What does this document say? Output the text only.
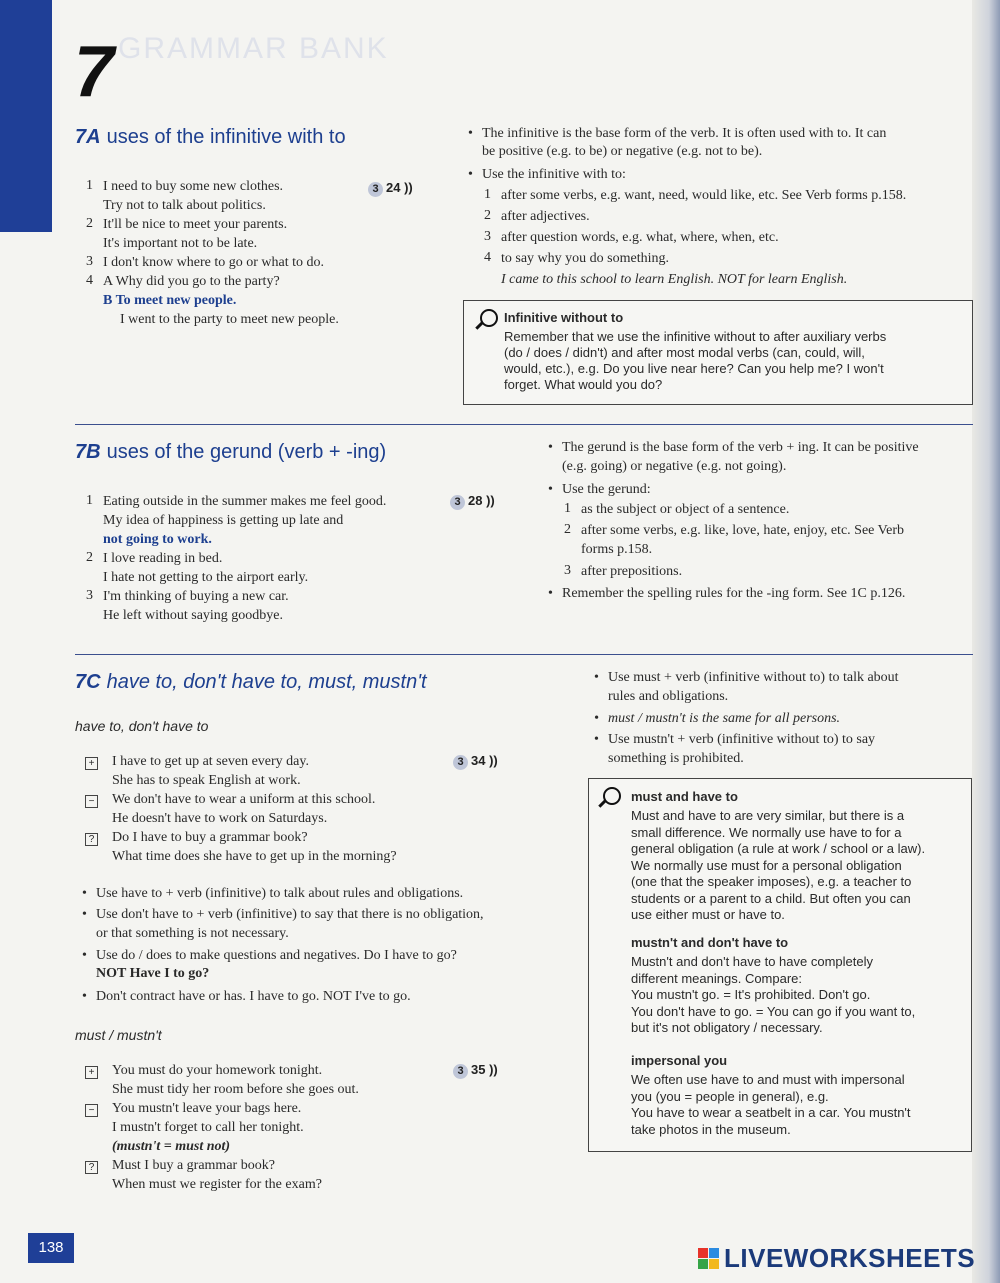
GRAMMAR BANK
7
7A uses of the infinitive with to
3 24 ))
1 I need to buy some new clothes.
Try not to talk about politics.
2 It'll be nice to meet your parents.
It's important not to be late.
3 I don't know where to go or what to do.
4 A Why did you go to the party?
B To meet new people.
I went to the party to meet new people.
• The infinitive is the base form of the verb. It is often used with to. It can
be positive (e.g. to be) or negative (e.g. not to be).
• Use the infinitive with to:
1 after some verbs, e.g. want, need, would like, etc. See Verb forms p.158.
2 after adjectives.
3 after question words, e.g. what, where, when, etc.
4 to say why you do something.
I came to this school to learn English. NOT for learn English.
Infinitive without to
Remember that we use the infinitive without to after auxiliary verbs
(do / does / didn't) and after most modal verbs (can, could, will,
would, etc.), e.g. Do you live near here? Can you help me? I won't
forget. What would you do?
7B uses of the gerund (verb + -ing)
3 28 ))
1 Eating outside in the summer makes me feel good.
My idea of happiness is getting up late and
not going to work.
2 I love reading in bed.
I hate not getting to the airport early.
3 I'm thinking of buying a new car.
He left without saying goodbye.
• The gerund is the base form of the verb + ing. It can be positive
(e.g. going) or negative (e.g. not going).
• Use the gerund:
1 as the subject or object of a sentence.
2 after some verbs, e.g. like, love, hate, enjoy, etc. See Verb
forms p.158.
3 after prepositions.
• Remember the spelling rules for the -ing form. See 1C p.126.
7C have to, don't have to, must, mustn't
have to, don't have to
3 34 ))
+ I have to get up at seven every day.
She has to speak English at work.
− We don't have to wear a uniform at this school.
He doesn't have to work on Saturdays.
? Do I have to buy a grammar book?
What time does she have to get up in the morning?
• Use have to + verb (infinitive) to talk about rules and obligations.
• Use don't have to + verb (infinitive) to say that there is no obligation,
or that something is not necessary.
• Use do / does to make questions and negatives. Do I have to go?
NOT Have I to go?
• Don't contract have or has. I have to go. NOT I've to go.
must / mustn't
3 35 ))
+ You must do your homework tonight.
She must tidy her room before she goes out.
− You mustn't leave your bags here.
I mustn't forget to call her tonight.
(mustn't = must not)
? Must I buy a grammar book?
When must we register for the exam?
• Use must + verb (infinitive without to) to talk about
rules and obligations.
• must / mustn't is the same for all persons.
• Use mustn't + verb (infinitive without to) to say
something is prohibited.
must and have to
Must and have to are very similar, but there is a
small difference. We normally use have to for a
general obligation (a rule at work / school or a law).
We normally use must for a personal obligation
(one that the speaker imposes), e.g. a teacher to
students or a parent to a child. But often you can
use either must or have to.
mustn't and don't have to
Mustn't and don't have to have completely
different meanings. Compare:
You mustn't go. = It's prohibited. Don't go.
You don't have to go. = You can go if you want to,
but it's not obligatory / necessary.
impersonal you
We often use have to and must with impersonal
you (you = people in general), e.g.
You have to wear a seatbelt in a car. You mustn't
take photos in the museum.
138	LIVEWORKSHEETS
